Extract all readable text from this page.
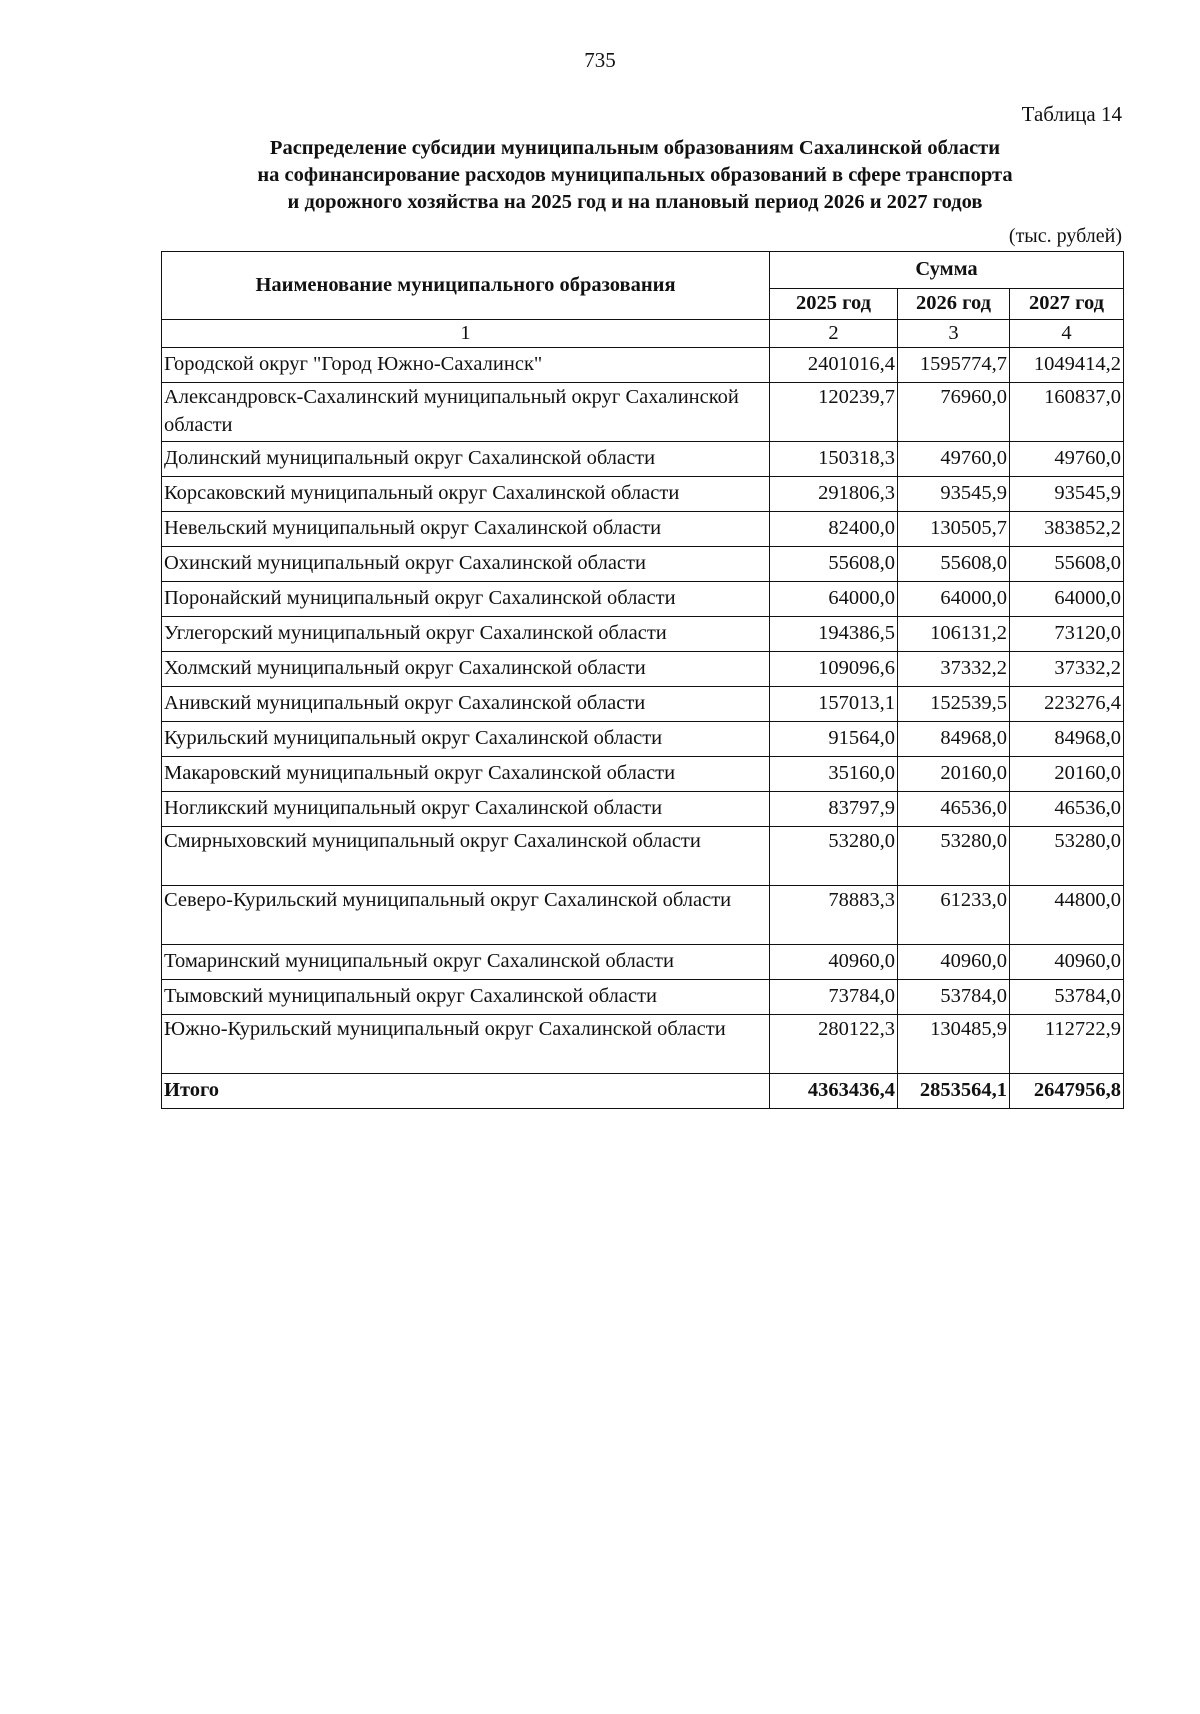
735
Таблица 14
Распределение субсидии муниципальным образованиям Сахалинской области
на софинансирование расходов муниципальных образований в сфере транспорта
и дорожного хозяйства на 2025 год и на плановый период 2026 и 2027 годов
(тыс. рублей)
Наименование муниципального образования	Сумма		
	2025 год	2026 год	2027 год
1	2	3	4
Городской округ "Город Южно-Сахалинск"	2401016,4	1595774,7	1049414,2
Александровск-Сахалинский муниципальный округ Сахалинской области	120239,7	76960,0	160837,0
Долинский муниципальный округ Сахалинской области	150318,3	49760,0	49760,0
Корсаковский муниципальный округ Сахалинской области	291806,3	93545,9	93545,9
Невельский муниципальный округ Сахалинской области	82400,0	130505,7	383852,2
Охинский муниципальный округ Сахалинской области	55608,0	55608,0	55608,0
Поронайский муниципальный округ Сахалинской области	64000,0	64000,0	64000,0
Углегорский муниципальный округ Сахалинской области	194386,5	106131,2	73120,0
Холмский муниципальный округ Сахалинской области	109096,6	37332,2	37332,2
Анивский муниципальный округ Сахалинской области	157013,1	152539,5	223276,4
Курильский муниципальный округ Сахалинской области	91564,0	84968,0	84968,0
Макаровский муниципальный округ Сахалинской области	35160,0	20160,0	20160,0
Ногликский муниципальный округ Сахалинской области	83797,9	46536,0	46536,0
Смирныховский муниципальный округ Сахалинской области	53280,0	53280,0	53280,0
Северо-Курильский муниципальный округ Сахалинской области	78883,3	61233,0	44800,0
Томаринский муниципальный округ Сахалинской области	40960,0	40960,0	40960,0
Тымовский муниципальный округ Сахалинской области	73784,0	53784,0	53784,0
Южно-Курильский муниципальный округ Сахалинской области	280122,3	130485,9	112722,9
Итого	4363436,4	2853564,1	2647956,8
